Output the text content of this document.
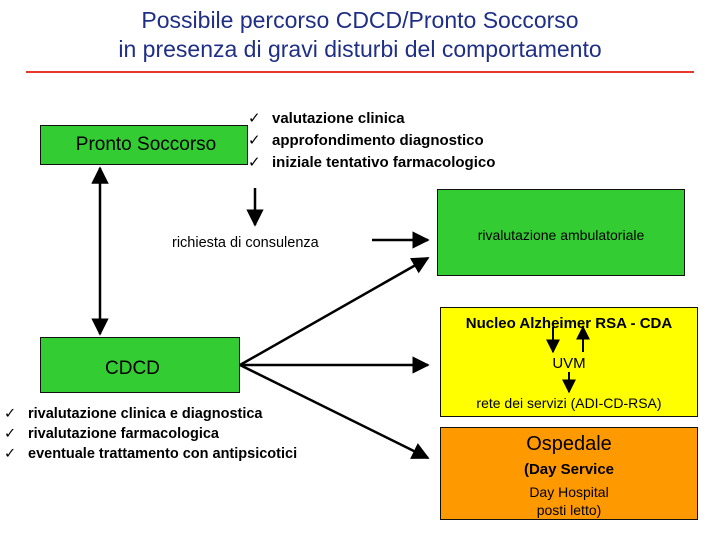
Possibile percorso CDCD/Pronto Soccorso
in presenza di gravi disturbi del comportamento
Pronto Soccorso
✓ valutazione clinica
✓ approfondimento diagnostico
✓ iniziale tentativo farmacologico
richiesta di consulenza	rivalutazione ambulatoriale
Nucleo Alzheimer RSA - CDA
UVM
rete dei servizi (ADI-CD-RSA)
CDCD
✓ rivalutazione clinica e diagnostica
✓ rivalutazione farmacologica
✓ eventuale trattamento con antipsicotici	Ospedale
(Day Service
Day Hospital
posti letto)
